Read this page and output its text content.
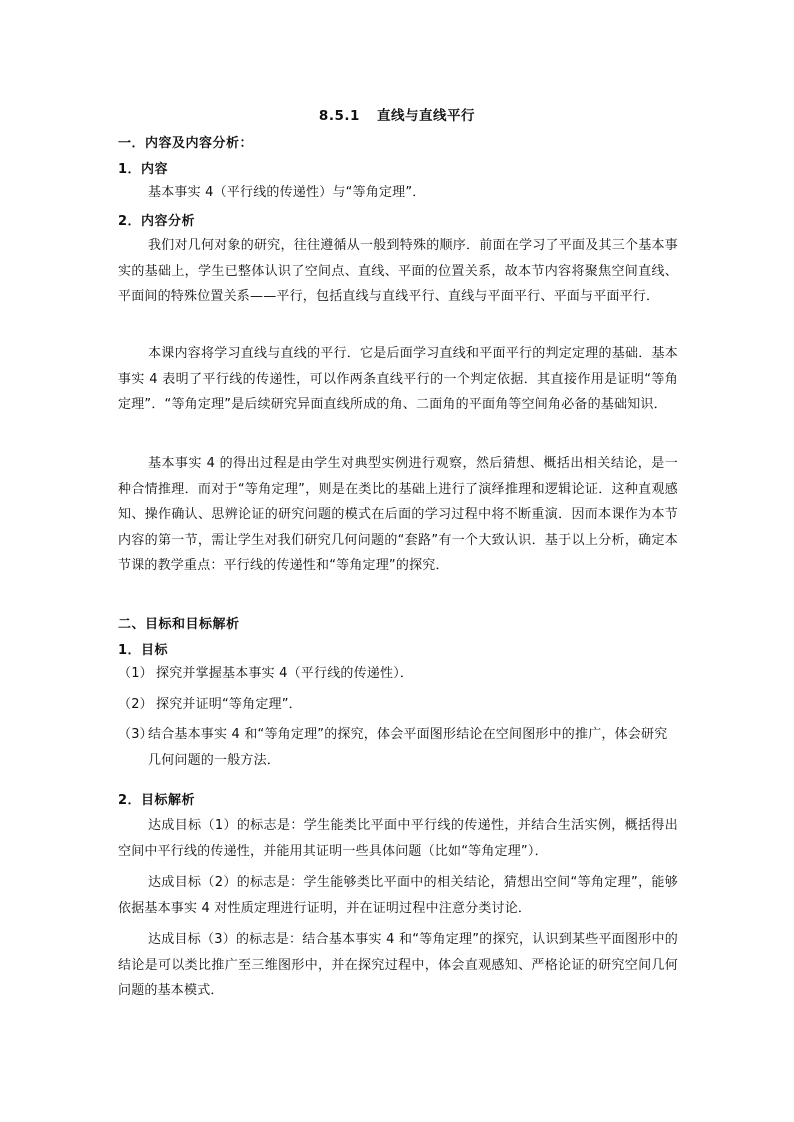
8.5.1 直线与直线平行
一．内容及内容分析：
1．内容
基本事实 4（平行线的传递性）与“等角定理”．
2．内容分析
我们对几何对象的研究，往往遵循从一般到特殊的顺序．前面在学习了平面及其三个基本事实的基础上，学生已整体认识了空间点、直线、平面的位置关系，故本节内容将聚焦空间直线、平面间的特殊位置关系——平行，包括直线与直线平行、直线与平面平行、平面与平面平行．
本课内容将学习直线与直线的平行．它是后面学习直线和平面平行的判定定理的基础．基本事实 4 表明了平行线的传递性，可以作两条直线平行的一个判定依据．其直接作用是证明“等角定理”．“等角定理”是后续研究异面直线所成的角、二面角的平面角等空间角必备的基础知识．
基本事实 4 的得出过程是由学生对典型实例进行观察，然后猜想、概括出相关结论，是一种合情推理．而对于“等角定理”，则是在类比的基础上进行了演绎推理和逻辑论证．这种直观感知、操作确认、思辨论证的研究问题的模式在后面的学习过程中将不断重演．因而本课作为本节内容的第一节，需让学生对我们研究几何问题的“套路”有一个大致认识．基于以上分析，确定本节课的教学重点：平行线的传递性和“等角定理”的探究．
二、目标和目标解析
1．目标
（1） 探究并掌握基本事实 4（平行线的传递性）．
（2） 探究并证明“等角定理”．
（3）结合基本事实 4 和“等角定理”的探究，体会平面图形结论在空间图形中的推广，体会研究几何问题的一般方法．
2．目标解析
达成目标（1）的标志是：学生能类比平面中平行线的传递性，并结合生活实例，概括得出空间中平行线的传递性，并能用其证明一些具体问题（比如“等角定理”）．
达成目标（2）的标志是：学生能够类比平面中的相关结论，猜想出空间“等角定理”，能够依据基本事实 4 对性质定理进行证明，并在证明过程中注意分类讨论．
达成目标（3）的标志是：结合基本事实 4 和“等角定理”的探究，认识到某些平面图形中的结论是可以类比推广至三维图形中，并在探究过程中，体会直观感知、严格论证的研究空间几何问题的基本模式．
